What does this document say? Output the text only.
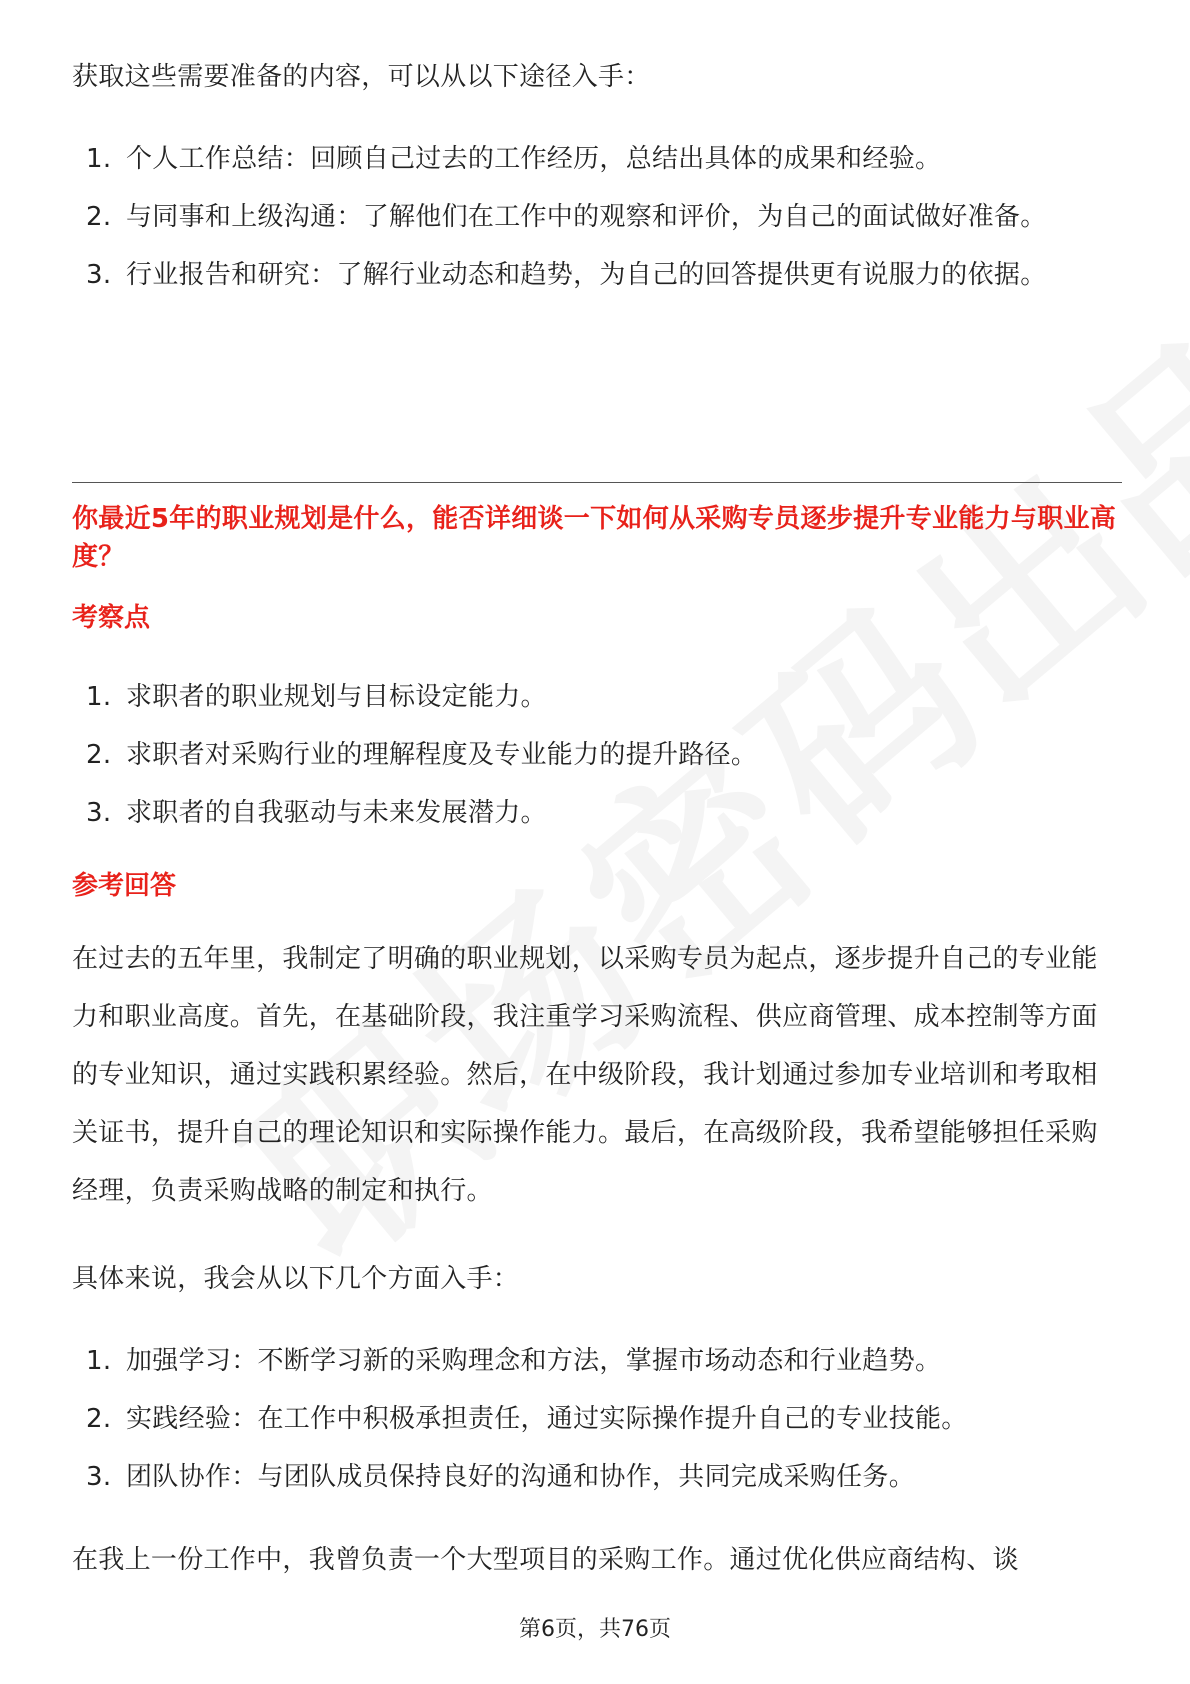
获取这些需要准备的内容，可以从以下途径入手：

1. 个人工作总结：回顾自己过去的工作经历，总结出具体的成果和经验。
2. 与同事和上级沟通：了解他们在工作中的观察和评价，为自己的面试做好准备。
3. 行业报告和研究：了解行业动态和趋势，为自己的回答提供更有说服力的依据。
你最近5年的职业规划是什么，能否详细谈一下如何从采购专员逐步提升专业能力与职业高度？
考察点
1. 求职者的职业规划与目标设定能力。
2. 求职者对采购行业的理解程度及专业能力的提升路径。
3. 求职者的自我驱动与未来发展潜力。
参考回答

在过去的五年里，我制定了明确的职业规划，以采购专员为起点，逐步提升自己的专业能力和职业高度。首先，在基础阶段，我注重学习采购流程、供应商管理、成本控制等方面的专业知识，通过实践积累经验。然后，在中级阶段，我计划通过参加专业培训和考取相关证书，提升自己的理论知识和实际操作能力。最后，在高级阶段，我希望能够担任采购经理，负责采购战略的制定和执行。

具体来说，我会从以下几个方面入手：

1. 加强学习：不断学习新的采购理念和方法，掌握市场动态和行业趋势。
2. 实践经验：在工作中积极承担责任，通过实际操作提升自己的专业技能。
3. 团队协作：与团队成员保持良好的沟通和协作，共同完成采购任务。

在我上一份工作中，我曾负责一个大型项目的采购工作。通过优化供应商结构、谈

第6页，共76页
